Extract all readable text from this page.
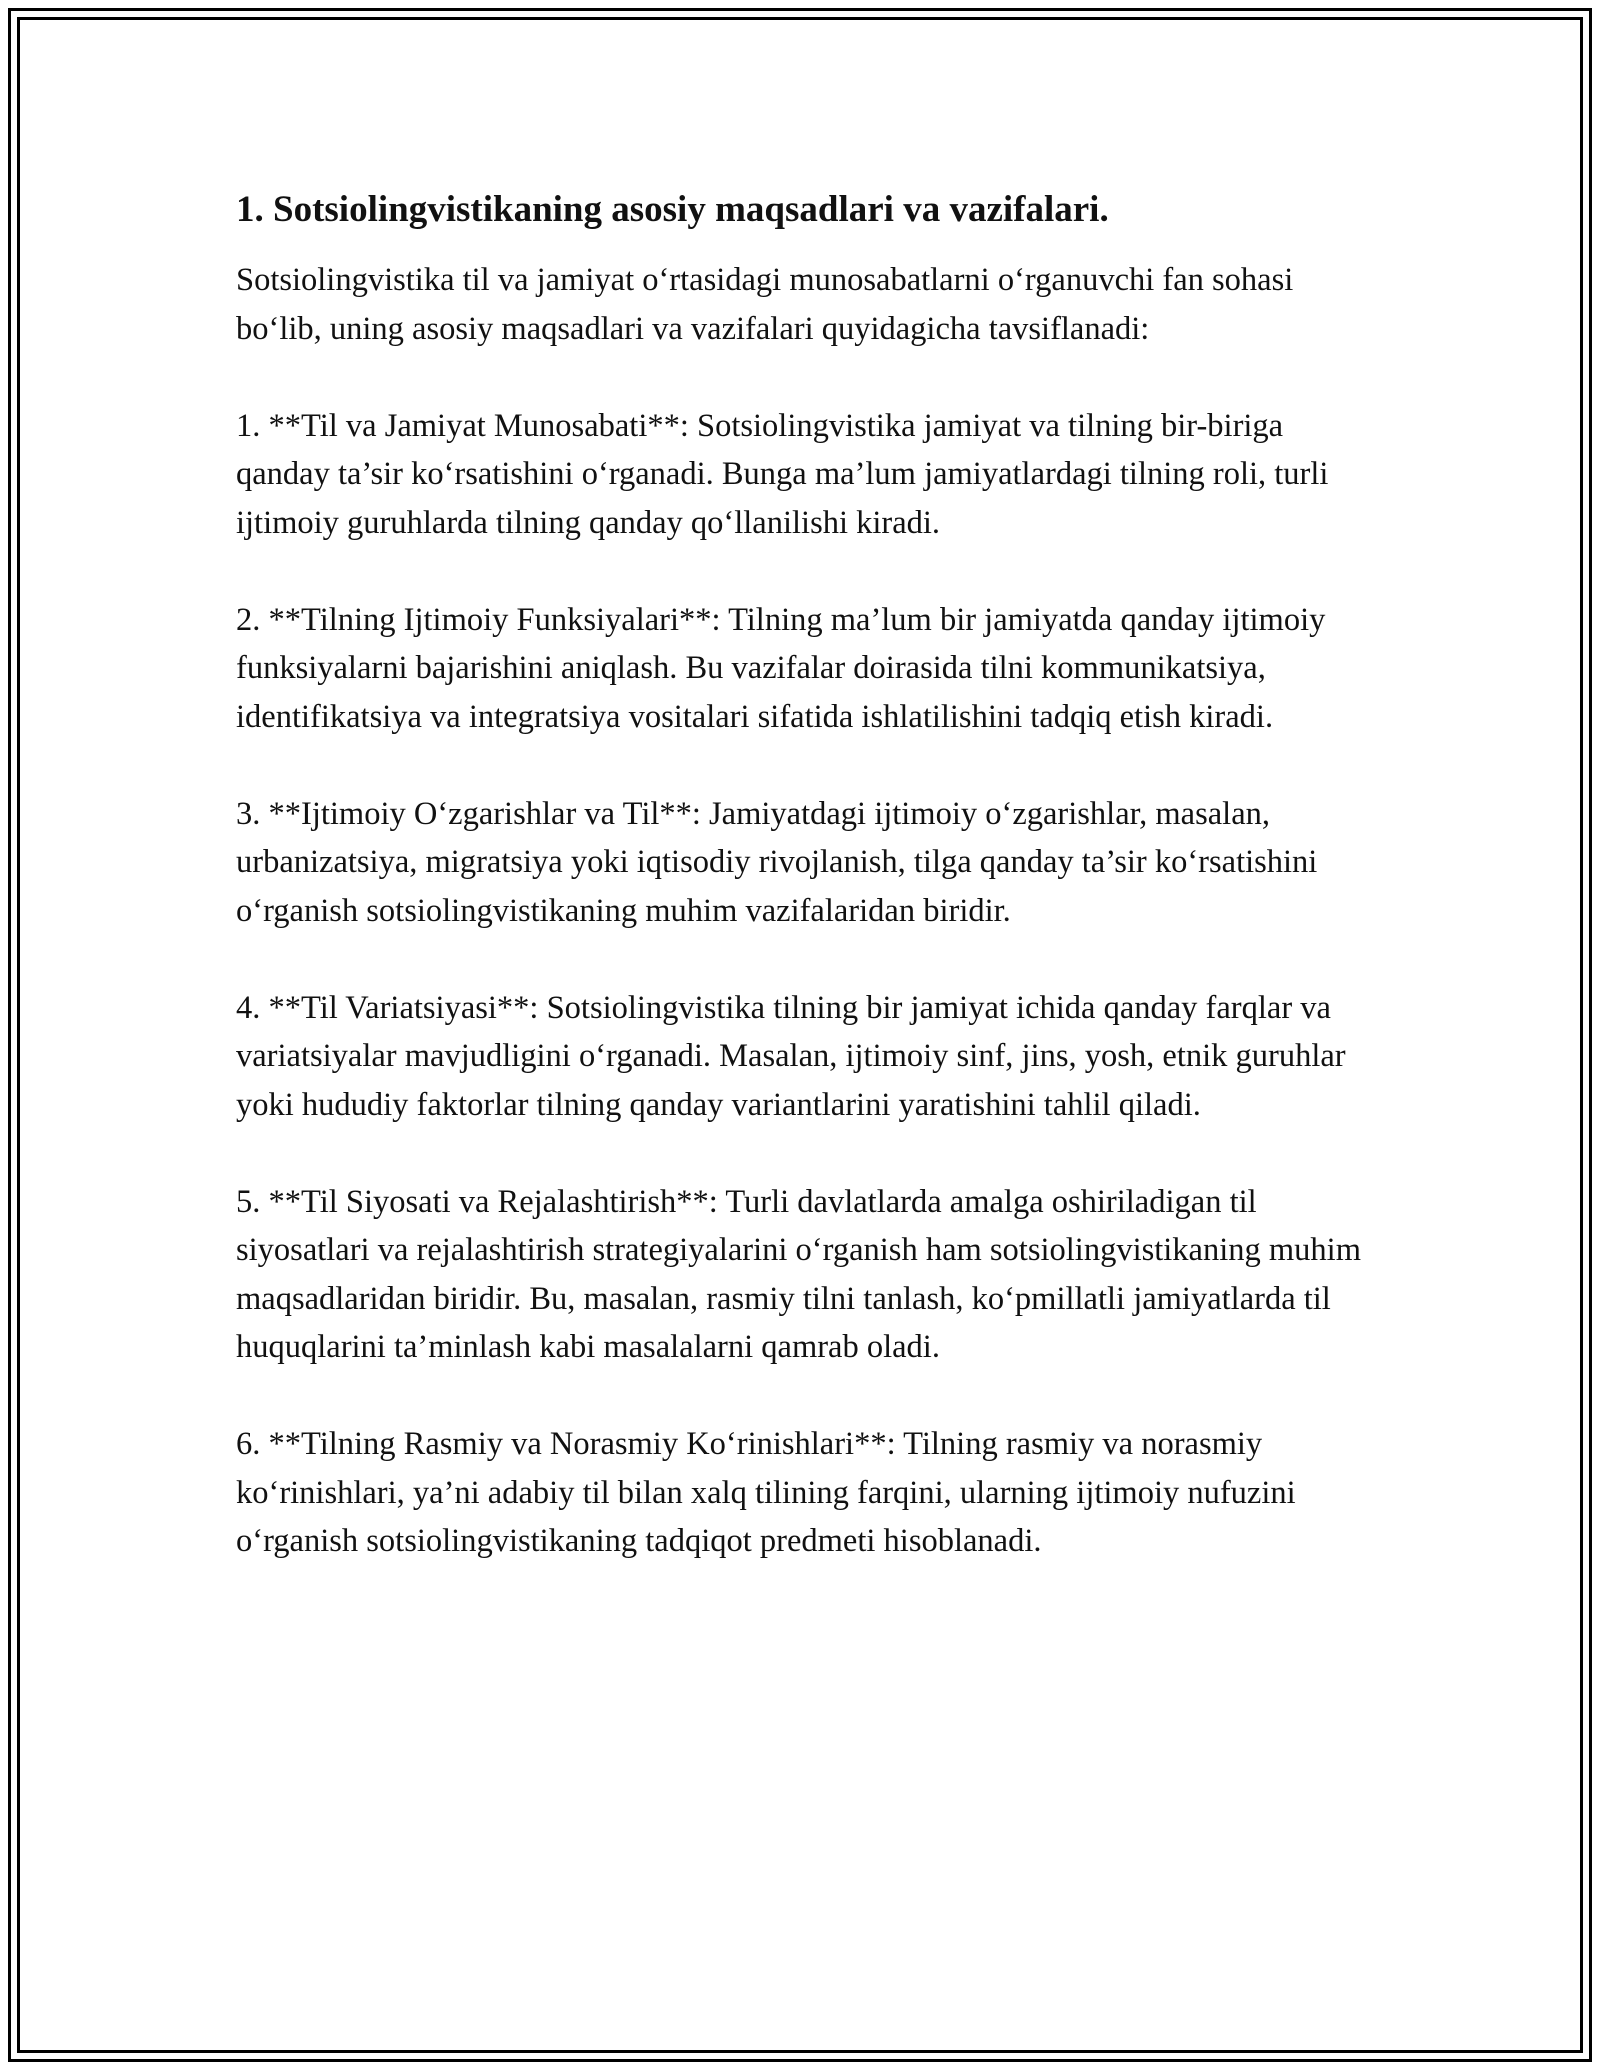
1. Sotsiolingvistikaning asosiy maqsadlari va vazifalari.

Sotsiolingvistika til va jamiyat o‘rtasidagi munosabatlarni o‘rganuvchi fan sohasi bo‘lib, uning asosiy maqsadlari va vazifalari quyidagicha tavsiflanadi:

1. **Til va Jamiyat Munosabati**: Sotsiolingvistika jamiyat va tilning bir-biriga qanday ta’sir ko‘rsatishini o‘rganadi. Bunga ma’lum jamiyatlardagi tilning roli, turli ijtimoiy guruhlarda tilning qanday qo‘llanilishi kiradi.

2. **Tilning Ijtimoiy Funksiyalari**: Tilning ma’lum bir jamiyatda qanday ijtimoiy funksiyalarni bajarishini aniqlash. Bu vazifalar doirasida tilni kommunikatsiya, identifikatsiya va integratsiya vositalari sifatida ishlatilishini tadqiq etish kiradi.

3. **Ijtimoiy O‘zgarishlar va Til**: Jamiyatdagi ijtimoiy o‘zgarishlar, masalan, urbanizatsiya, migratsiya yoki iqtisodiy rivojlanish, tilga qanday ta’sir ko‘rsatishini o‘rganish sotsiolingvistikaning muhim vazifalaridan biridir.

4. **Til Variatsiyasi**: Sotsiolingvistika tilning bir jamiyat ichida qanday farqlar va variatsiyalar mavjudligini o‘rganadi. Masalan, ijtimoiy sinf, jins, yosh, etnik guruhlar yoki hududiy faktorlar tilning qanday variantlarini yaratishini tahlil qiladi.

5. **Til Siyosati va Rejalashtirish**: Turli davlatlarda amalga oshiriladigan til siyosatlari va rejalashtirish strategiyalarini o‘rganish ham sotsiolingvistikaning muhim maqsadlaridan biridir. Bu, masalan, rasmiy tilni tanlash, ko‘pmillatli jamiyatlarda til huquqlarini ta’minlash kabi masalalarni qamrab oladi.

6. **Tilning Rasmiy va Norasmiy Ko‘rinishlari**: Tilning rasmiy va norasmiy ko‘rinishlari, ya’ni adabiy til bilan xalq tilining farqini, ularning ijtimoiy nufuzini o‘rganish sotsiolingvistikaning tadqiqot predmeti hisoblanadi.
